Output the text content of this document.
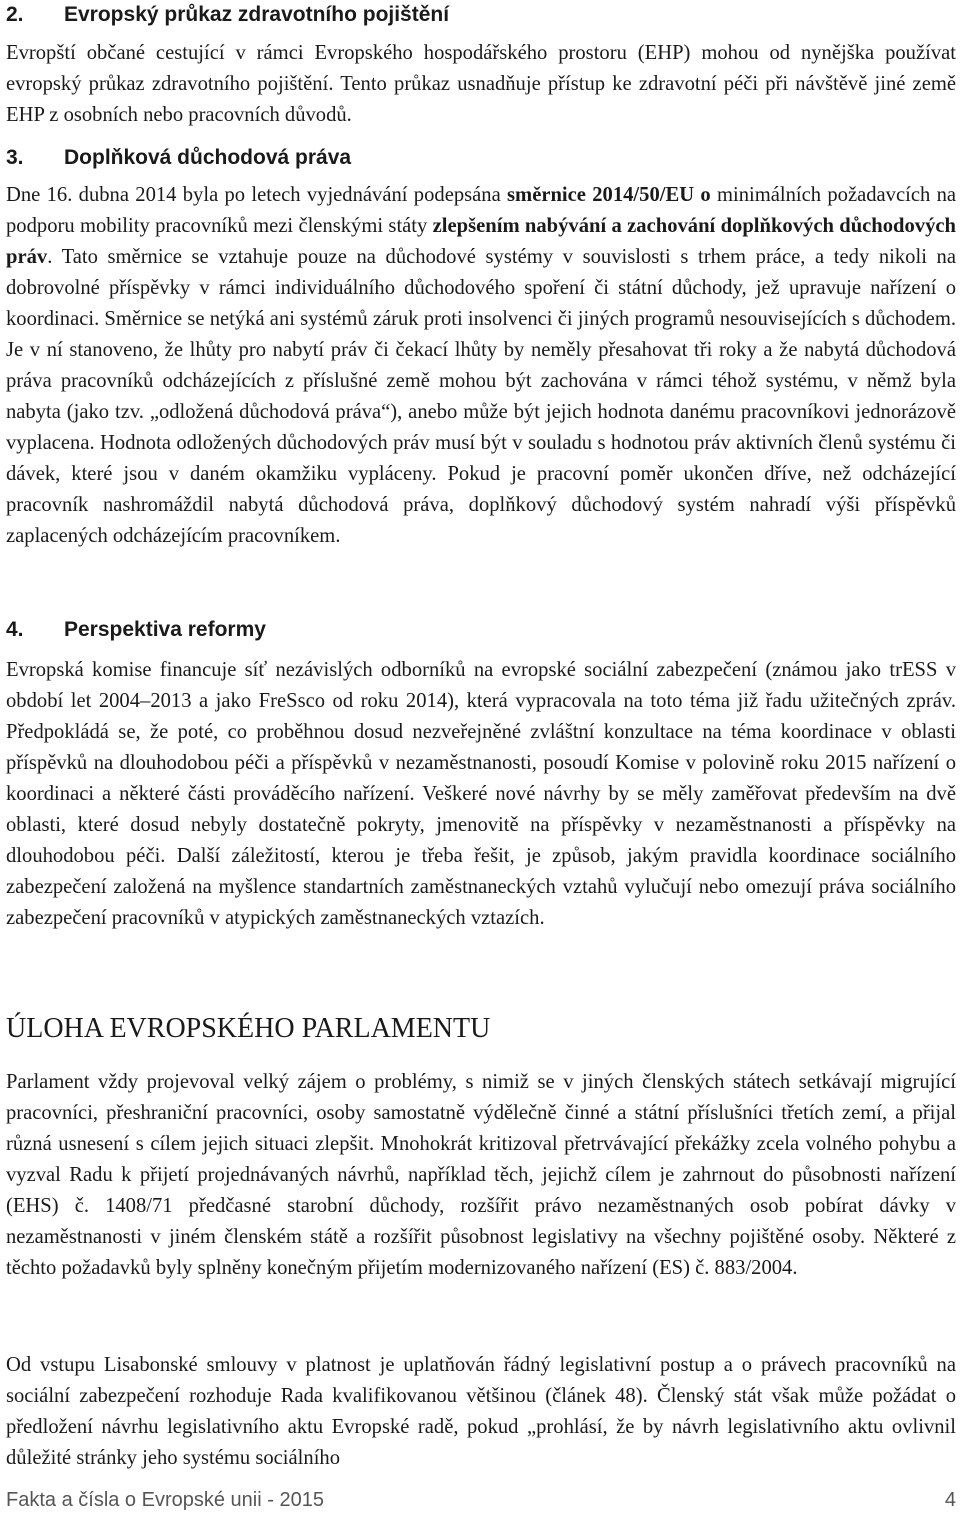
2.	Evropský průkaz zdravotního pojištění

Evropští občané cestující v rámci Evropského hospodářského prostoru (EHP) mohou od nynějška používat evropský průkaz zdravotního pojištění. Tento průkaz usnadňuje přístup ke zdravotní péči při návštěvě jiné země EHP z osobních nebo pracovních důvodů.

3.	Doplňková důchodová práva

Dne 16. dubna 2014 byla po letech vyjednávání podepsána směrnice 2014/50/EU o minimálních požadavcích na podporu mobility pracovníků mezi členskými státy zlepšením nabývání a zachování doplňkových důchodových práv. Tato směrnice se vztahuje pouze na důchodové systémy v souvislosti s trhem práce, a tedy nikoli na dobrovolné příspěvky v rámci individuálního důchodového spoření či státní důchody, jež upravuje nařízení o koordinaci. Směrnice se netýká ani systémů záruk proti insolvenci či jiných programů nesouvisejících s důchodem. Je v ní stanoveno, že lhůty pro nabytí práv či čekací lhůty by neměly přesahovat tři roky a že nabytá důchodová práva pracovníků odcházejících z příslušné země mohou být zachována v rámci téhož systému, v němž byla nabyta (jako tzv. „odložená důchodová práva“), anebo může být jejich hodnota danému pracovníkovi jednorázově vyplacena. Hodnota odložených důchodových práv musí být v souladu s hodnotou práv aktivních členů systému či dávek, které jsou v daném okamžiku vypláceny. Pokud je pracovní poměr ukončen dříve, než odcházející pracovník nashromáždil nabytá důchodová práva, doplňkový důchodový systém nahradí výši příspěvků zaplacených odcházejícím pracovníkem.

4.	Perspektiva reformy

Evropská komise financuje síť nezávislých odborníků na evropské sociální zabezpečení (známou jako trESS v období let 2004–2013 a jako FreSsco od roku 2014), která vypracovala na toto téma již řadu užitečných zpráv. Předpokládá se, že poté, co proběhnou dosud nezveřejněné zvláštní konzultace na téma koordinace v oblasti příspěvků na dlouhodobou péči a příspěvků v nezaměstnanosti, posoudí Komise v polovině roku 2015 nařízení o koordinaci a některé části prováděcího nařízení. Veškeré nové návrhy by se měly zaměřovat především na dvě oblasti, které dosud nebyly dostatečně pokryty, jmenovitě na příspěvky v nezaměstnanosti a příspěvky na dlouhodobou péči. Další záležitostí, kterou je třeba řešit, je způsob, jakým pravidla koordinace sociálního zabezpečení založená na myšlence standartních zaměstnaneckých vztahů vylučují nebo omezují práva sociálního zabezpečení pracovníků v atypických zaměstnaneckých vztazích.

ÚLOHA EVROPSKÉHO PARLAMENTU

Parlament vždy projevoval velký zájem o problémy, s nimiž se v jiných členských státech setkávají migrující pracovníci, přeshraniční pracovníci, osoby samostatně výdělečně činné a státní příslušníci třetích zemí, a přijal různá usnesení s cílem jejich situaci zlepšit. Mnohokrát kritizoval přetrvávající překážky zcela volného pohybu a vyzval Radu k přijetí projednávaných návrhů, například těch, jejichž cílem je zahrnout do působnosti nařízení (EHS) č. 1408/71 předčasné starobní důchody, rozšířit právo nezaměstnaných osob pobírat dávky v nezaměstnanosti v jiném členském státě a rozšířit působnost legislativy na všechny pojištěné osoby. Některé z těchto požadavků byly splněny konečným přijetím modernizovaného nařízení (ES) č. 883/2004.

Od vstupu Lisabonské smlouvy v platnost je uplatňován řádný legislativní postup a o právech pracovníků na sociální zabezpečení rozhoduje Rada kvalifikovanou většinou (článek 48). Členský stát však může požádat o předložení návrhu legislativního aktu Evropské radě, pokud „prohlásí, že by návrh legislativního aktu ovlivnil důležité stránky jeho systému sociálního

Fakta a čísla o Evropské unii - 2015	4
